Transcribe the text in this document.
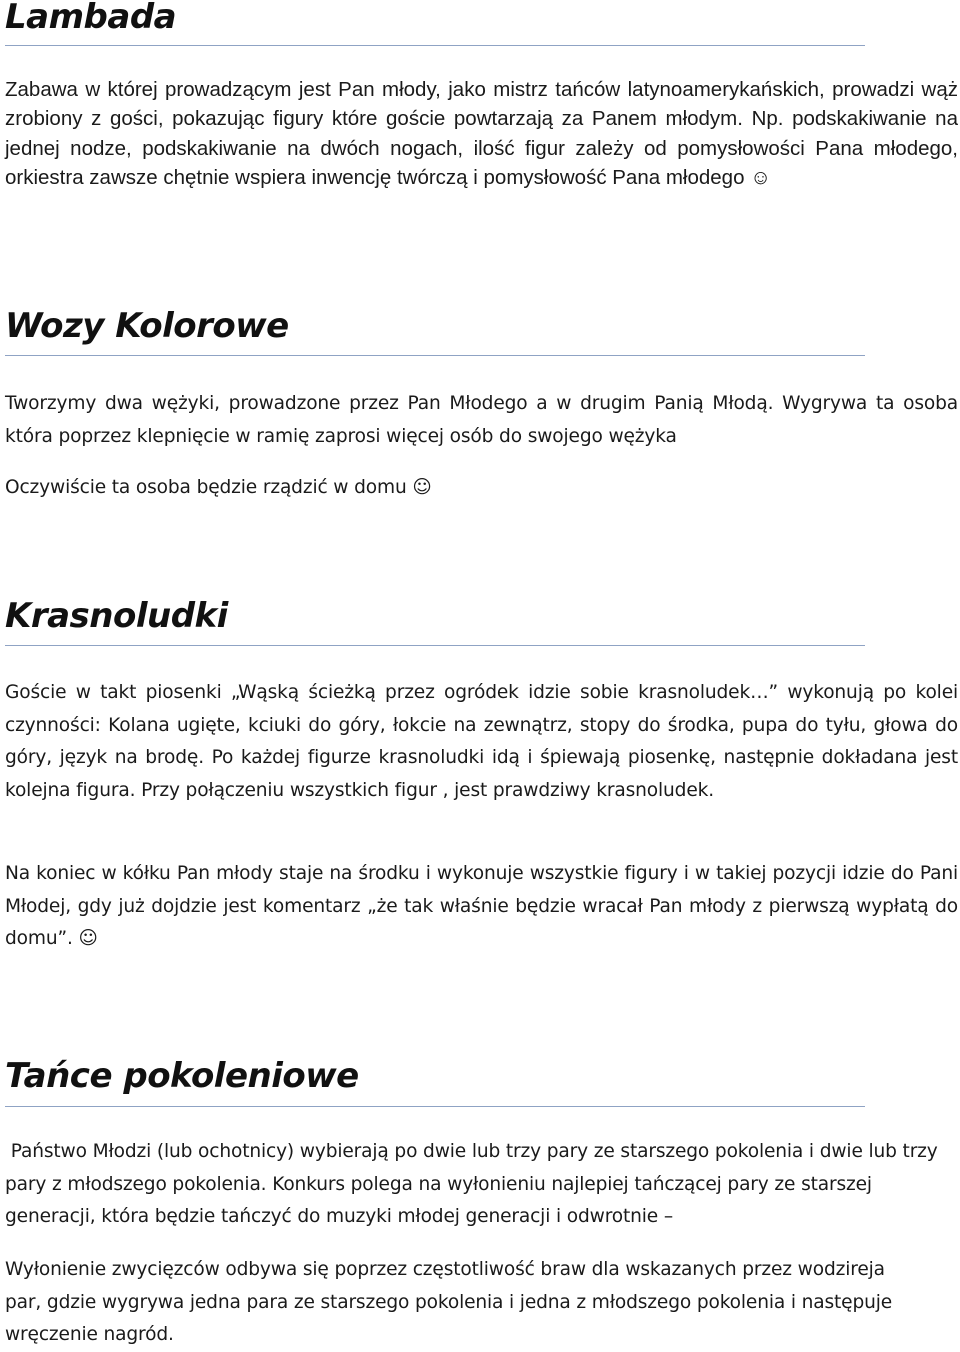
Lambada

Zabawa w której prowadzącym jest Pan młody, jako mistrz tańców latynoamerykańskich, prowadzi wąż zrobiony z gości, pokazując figury które goście powtarzają za Panem młodym. Np. podskakiwanie na jednej nodze, podskakiwanie na dwóch nogach, ilość figur zależy od pomysłowości Pana młodego, orkiestra zawsze chętnie wspiera inwencję twórczą i pomysłowość Pana młodego ☺

Wozy Kolorowe

Tworzymy dwa wężyki, prowadzone przez Pan Młodego a w drugim Panią Młodą. Wygrywa ta osoba która poprzez klepnięcie w ramię zaprosi więcej osób do swojego wężyka

Oczywiście ta osoba będzie rządzić w domu ☺

Krasnoludki

Goście w takt piosenki „Wąską ścieżką przez ogródek idzie sobie krasnoludek…” wykonują po kolei czynności: Kolana ugięte, kciuki do góry, łokcie na zewnątrz, stopy do środka, pupa do tyłu, głowa do góry, język na brodę. Po każdej figurze krasnoludki idą i śpiewają piosenkę, następnie dokładana jest kolejna figura. Przy połączeniu wszystkich figur , jest prawdziwy krasnoludek.

Na koniec w kółku Pan młody staje na środku i wykonuje wszystkie figury i w takiej pozycji idzie do Pani Młodej, gdy już dojdzie jest komentarz „że tak właśnie będzie wracał Pan młody z pierwszą wypłatą do domu”. ☺

Tańce pokoleniowe

Państwo Młodzi (lub ochotnicy) wybierają po dwie lub trzy pary ze starszego pokolenia i dwie lub trzy pary z młodszego pokolenia. Konkurs polega na wyłonieniu najlepiej tańczącej pary ze starszej generacji, która będzie tańczyć do muzyki młodej generacji i odwrotnie –

Wyłonienie zwycięzców odbywa się poprzez częstotliwość braw dla wskazanych przez wodzireja par, gdzie wygrywa jedna para ze starszego pokolenia i jedna z młodszego pokolenia i następuje wręczenie nagród.
